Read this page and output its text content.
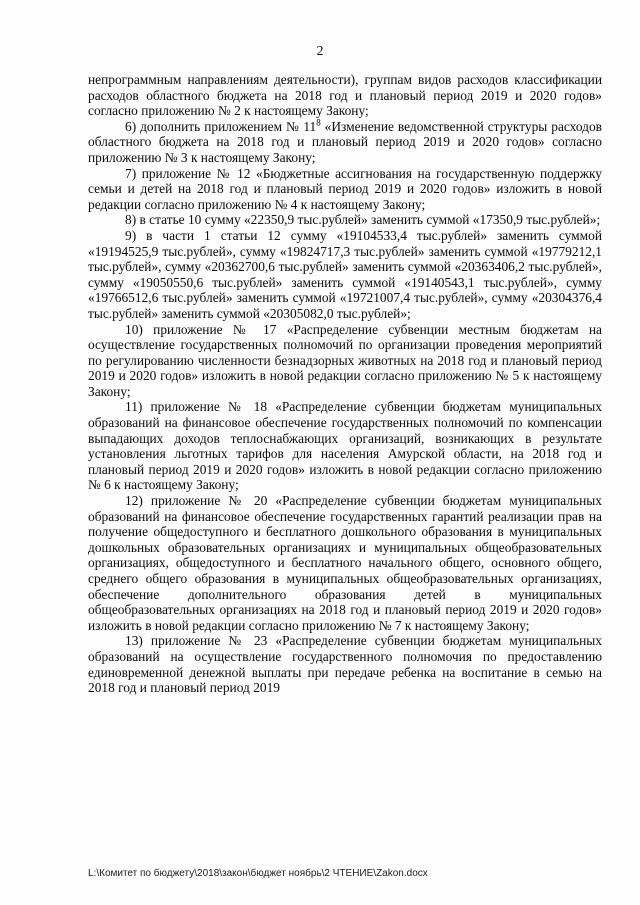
2

непрограммным направлениям деятельности), группам видов расходов классификации расходов областного бюджета на 2018 год и плановый период 2019 и 2020 годов» согласно приложению № 2 к настоящему Закону;

6) дополнить приложением № $11^8$ «Изменение ведомственной структуры расходов областного бюджета на 2018 год и плановый период 2019 и 2020 годов» согласно приложению № 3 к настоящему Закону;

7) приложение № 12 «Бюджетные ассигнования на государственную поддержку семьи и детей на 2018 год и плановый период 2019 и 2020 годов» изложить в новой редакции согласно приложению № 4 к настоящему Закону;

8) в статье 10 сумму «22350,9 тыс.рублей» заменить суммой «17350,9 тыс.рублей»;

9) в части 1 статьи 12 сумму «19104533,4 тыс.рублей» заменить суммой «19194525,9 тыс.рублей», сумму «19824717,3 тыс.рублей» заменить суммой «19779212,1 тыс.рублей», сумму «20362700,6 тыс.рублей» заменить суммой «20363406,2 тыс.рублей», сумму «19050550,6 тыс.рублей» заменить суммой «19140543,1 тыс.рублей», сумму «19766512,6 тыс.рублей» заменить суммой «19721007,4 тыс.рублей», сумму «20304376,4 тыс.рублей» заменить суммой «20305082,0 тыс.рублей»;

10) приложение № 17 «Распределение субвенции местным бюджетам на осуществление государственных полномочий по организации проведения мероприятий по регулированию численности безнадзорных животных на 2018 год и плановый период 2019 и 2020 годов» изложить в новой редакции согласно приложению № 5 к настоящему Закону;

11) приложение № 18 «Распределение субвенции бюджетам муниципальных образований на финансовое обеспечение государственных полномочий по компенсации выпадающих доходов теплоснабжающих организаций, возникающих в результате установления льготных тарифов для населения Амурской области, на 2018 год и плановый период 2019 и 2020 годов» изложить в новой редакции согласно приложению № 6 к настоящему Закону;

12) приложение № 20 «Распределение субвенции бюджетам муниципальных образований на финансовое обеспечение государственных гарантий реализации прав на получение общедоступного и бесплатного дошкольного образования в муниципальных дошкольных образовательных организациях и муниципальных общеобразовательных организациях, общедоступного и бесплатного начального общего, основного общего, среднего общего образования в муниципальных общеобразовательных организациях, обеспечение дополнительного образования детей в муниципальных общеобразовательных организациях на 2018 год и плановый период 2019 и 2020 годов» изложить в новой редакции согласно приложению № 7 к настоящему Закону;

13) приложение № 23 «Распределение субвенции бюджетам муниципальных образований на осуществление государственного полномочия по предоставлению единовременной денежной выплаты при передаче ребенка на воспитание в семью на 2018 год и плановый период 2019

L:\Комитет по бюджету\2018\закон\бюджет ноябрь\2 ЧТЕНИЕ\Zakon.docx
